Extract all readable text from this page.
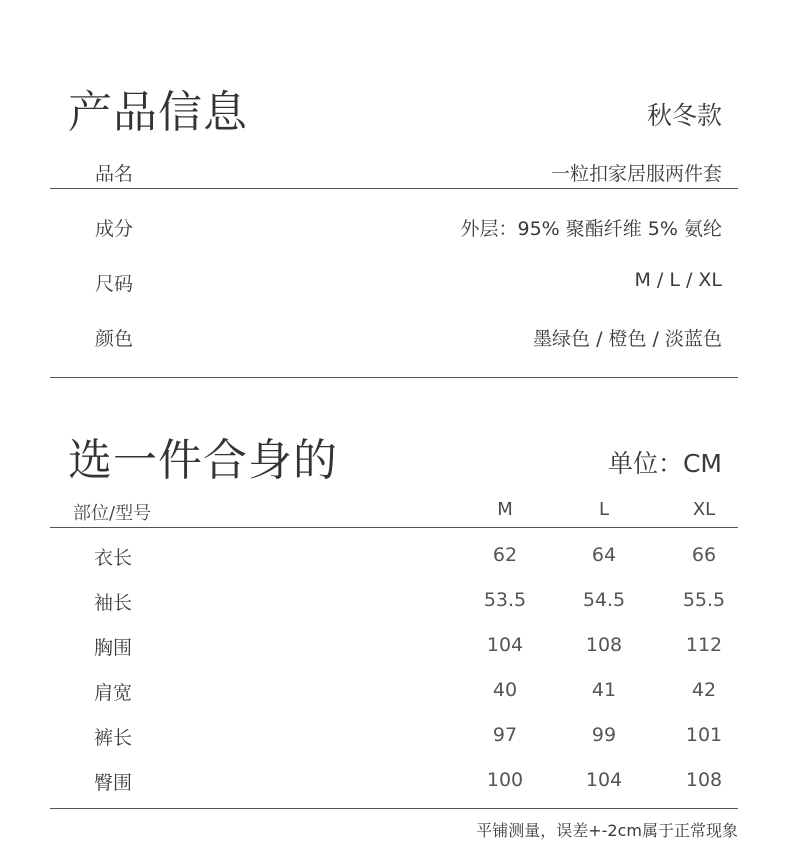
产品信息	秋冬款
品名	一粒扣家居服两件套
成分	外层：95% 聚酯纤维 5% 氨纶
尺码	M / L / XL
颜色	墨绿色 / 橙色 / 淡蓝色
选一件合身的	单位：CM
部位/型号	M	L	XL
衣长	62	64	66
袖长	53.5	54.5	55.5
胸围	104	108	112
肩宽	40	41	42
裤长	97	99	101
臀围	100	104	108
平铺测量，误差+-2cm属于正常现象
